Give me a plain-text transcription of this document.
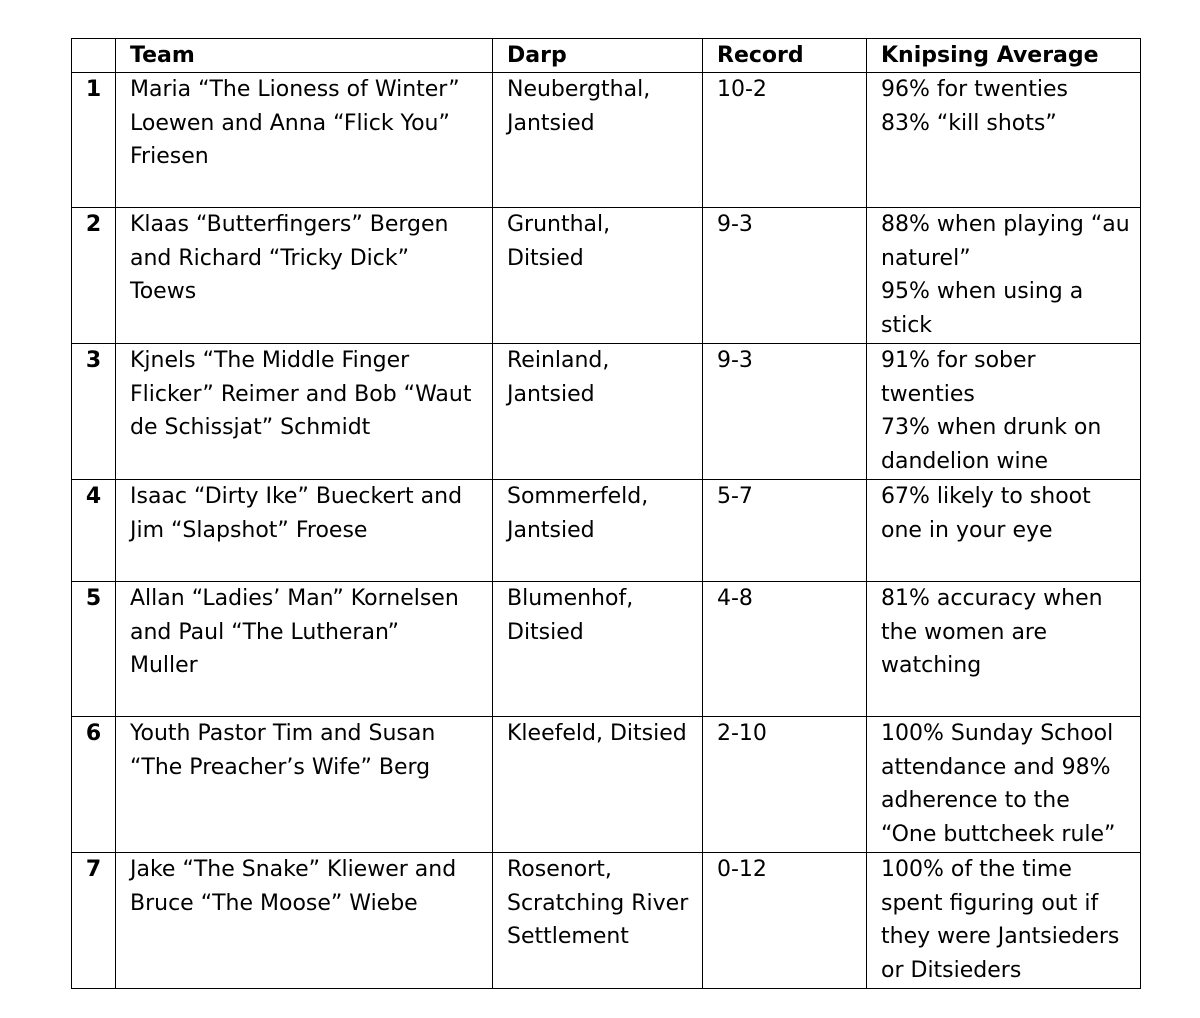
	Team	Darp	Record	Knipsing Average
1	Maria “The Lioness of Winter”
Loewen and Anna “Flick You”
Friesen	Neubergthal,
Jantsied	10-2	96% for twenties
83% “kill shots”

2	Klaas “Butterfingers” Bergen
and Richard “Tricky Dick”
Toews	Grunthal,
Ditsied	9-3	88% when playing “au
naturel”
95% when using a
stick

3	Kjnels “The Middle Finger
Flicker” Reimer and Bob “Waut
de Schissjat” Schmidt	Reinland,
Jantsied	9-3	91% for sober
twenties
73% when drunk on
dandelion wine

4	Isaac “Dirty Ike” Bueckert and
Jim “Slapshot” Froese	Sommerfeld,
Jantsied	5-7	67% likely to shoot
one in your eye

5	Allan “Ladies’ Man” Kornelsen
and Paul “The Lutheran”
Muller	Blumenhof,
Ditsied	4-8	81% accuracy when
the women are
watching

6	Youth Pastor Tim and Susan
“The Preacher’s Wife” Berg	Kleefeld, Ditsied	2-10	100% Sunday School
attendance and 98%
adherence to the
“One buttcheek rule”

7	Jake “The Snake” Kliewer and
Bruce “The Moose” Wiebe	Rosenort,
Scratching River
Settlement	0-12	100% of the time
spent figuring out if
they were Jantsieders
or Ditsieders
